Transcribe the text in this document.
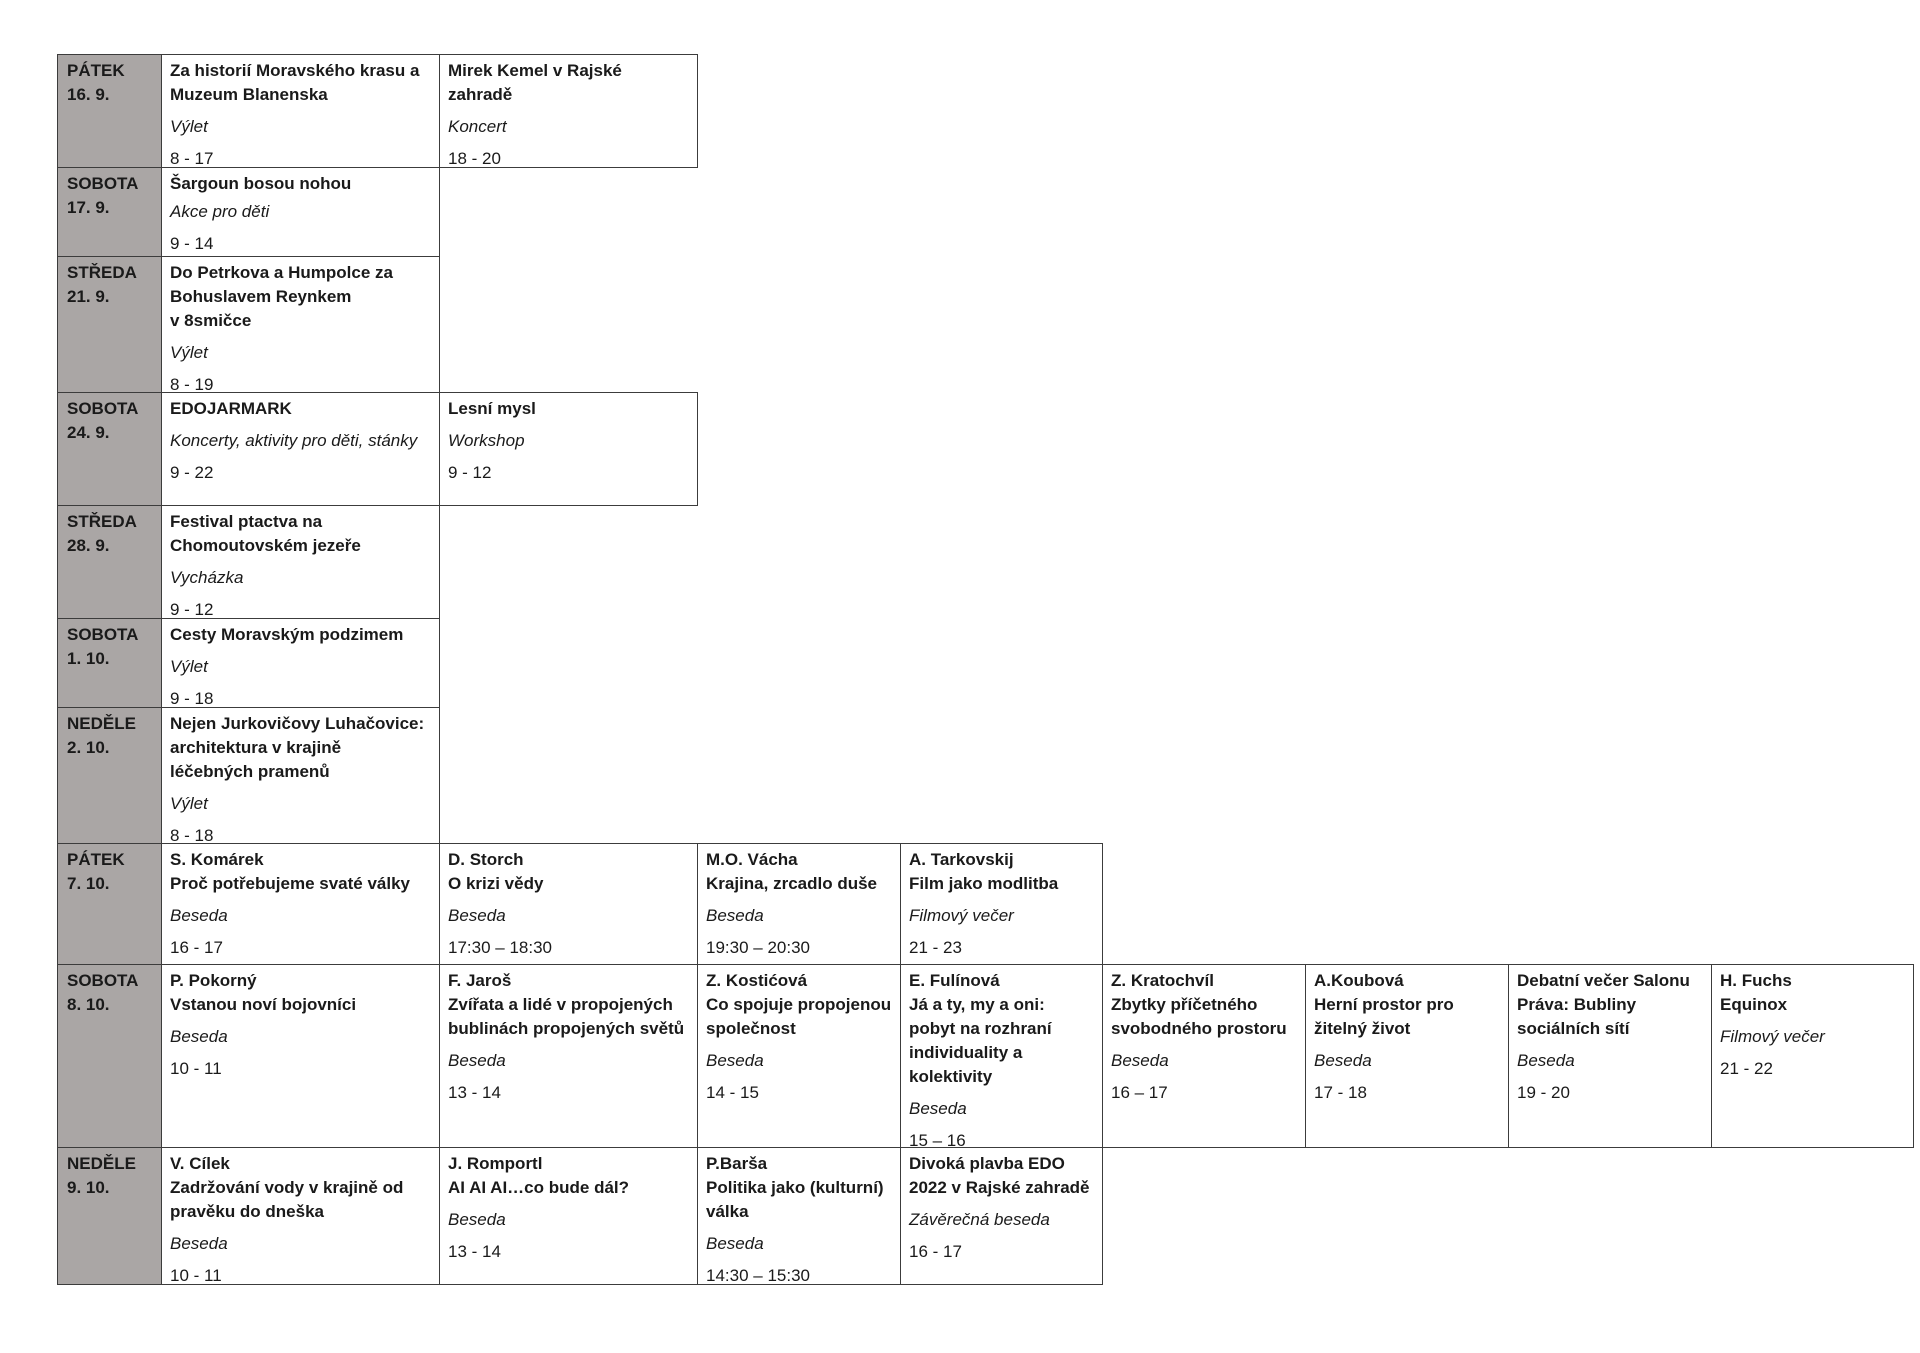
PÁTEK
16. 9.
Za historií Moravského krasu a
Muzeum Blanenska
Výlet
8 - 17
Mirek Kemel v Rajské
zahradě
Koncert
18 - 20
SOBOTA
17. 9.
Šargoun bosou nohou
Akce pro děti
9 - 14
STŘEDA
21. 9.
Do Petrkova a Humpolce za
Bohuslavem Reynkem
v 8smičce
Výlet
8 - 19
SOBOTA
24. 9.
EDOJARMARK
Koncerty, aktivity pro děti, stánky
9 - 22
Lesní mysl
Workshop
9 - 12
STŘEDA
28. 9.
Festival ptactva na
Chomoutovském jezeře
Vycházka
9 - 12
SOBOTA
1. 10.
Cesty Moravským podzimem
Výlet
9 - 18
NEDĚLE
2. 10.
Nejen Jurkovičovy Luhačovice:
architektura v krajině
léčebných pramenů
Výlet
8 - 18
PÁTEK
7. 10.
S. Komárek
Proč potřebujeme svaté války
Beseda
16 - 17
D. Storch
O krizi vědy
Beseda
17:30 – 18:30
M.O. Vácha
Krajina, zrcadlo duše
Beseda
19:30 – 20:30
A. Tarkovskij
Film jako modlitba
Filmový večer
21 - 23
SOBOTA
8. 10.
P. Pokorný
Vstanou noví bojovníci
Beseda
10 - 11
F. Jaroš
Zvířata a lidé v propojených
bublinách propojených světů
Beseda
13 - 14
Z. Kostićová
Co spojuje propojenou
společnost
Beseda
14 - 15
E. Fulínová
Já a ty, my a oni:
pobyt na rozhraní
individuality a
kolektivity
Beseda
15 – 16
Z. Kratochvíl
Zbytky příčetného
svobodného prostoru
Beseda
16 – 17
A.Koubová
Herní prostor pro
žitelný život
Beseda
17 - 18
Debatní večer Salonu
Práva: Bubliny
sociálních sítí
Beseda
19 - 20
H. Fuchs
Equinox
Filmový večer
21 - 22
NEDĚLE
9. 10.
V. Cílek
Zadržování vody v krajině od
pravěku do dneška
Beseda
10 - 11
J. Romportl
AI AI AI…co bude dál?
Beseda
13 - 14
P.Barša
Politika jako (kulturní)
válka
Beseda
14:30 – 15:30
Divoká plavba EDO
2022 v Rajské zahradě
Závěrečná beseda
16 - 17
